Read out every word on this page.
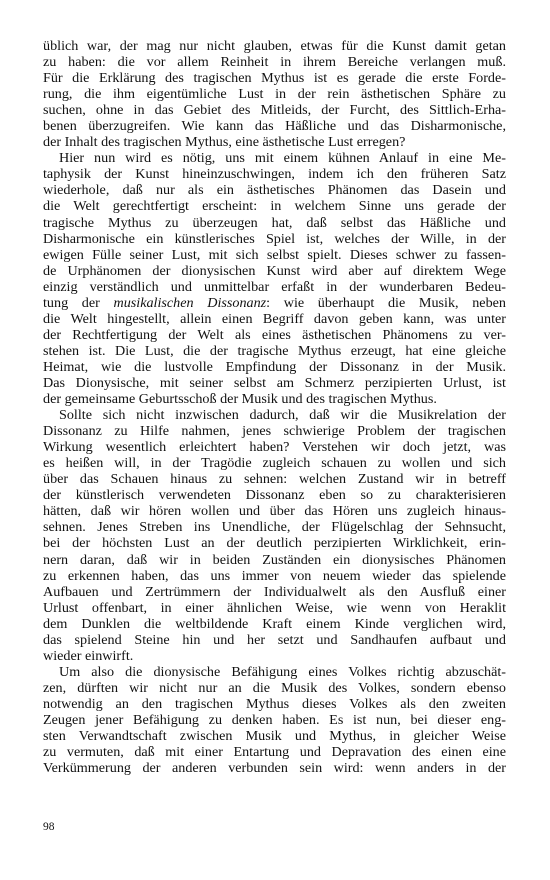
üblich war, der mag nur nicht glauben, etwas für die Kunst damit getan
zu haben: die vor allem Reinheit in ihrem Bereiche verlangen muß.
Für die Erklärung des tragischen Mythus ist es gerade die erste Forde-
rung, die ihm eigentümliche Lust in der rein ästhetischen Sphäre zu
suchen, ohne in das Gebiet des Mitleids, der Furcht, des Sittlich-Erha-
benen überzugreifen. Wie kann das Häßliche und das Disharmonische,
der Inhalt des tragischen Mythus, eine ästhetische Lust erregen?
Hier nun wird es nötig, uns mit einem kühnen Anlauf in eine Me-
taphysik der Kunst hineinzuschwingen, indem ich den früheren Satz
wiederhole, daß nur als ein ästhetisches Phänomen das Dasein und
die Welt gerechtfertigt erscheint: in welchem Sinne uns gerade der
tragische Mythus zu überzeugen hat, daß selbst das Häßliche und
Disharmonische ein künstlerisches Spiel ist, welches der Wille, in der
ewigen Fülle seiner Lust, mit sich selbst spielt. Dieses schwer zu fassen-
de Urphänomen der dionysischen Kunst wird aber auf direktem Wege
einzig verständlich und unmittelbar erfaßt in der wunderbaren Bedeu-
tung der musikalischen Dissonanz: wie überhaupt die Musik, neben
die Welt hingestellt, allein einen Begriff davon geben kann, was unter
der Rechtfertigung der Welt als eines ästhetischen Phänomens zu ver-
stehen ist. Die Lust, die der tragische Mythus erzeugt, hat eine gleiche
Heimat, wie die lustvolle Empfindung der Dissonanz in der Musik.
Das Dionysische, mit seiner selbst am Schmerz perzipierten Urlust, ist
der gemeinsame Geburtsschoß der Musik und des tragischen Mythus.
Sollte sich nicht inzwischen dadurch, daß wir die Musikrelation der
Dissonanz zu Hilfe nahmen, jenes schwierige Problem der tragischen
Wirkung wesentlich erleichtert haben? Verstehen wir doch jetzt, was
es heißen will, in der Tragödie zugleich schauen zu wollen und sich
über das Schauen hinaus zu sehnen: welchen Zustand wir in betreff
der künstlerisch verwendeten Dissonanz eben so zu charakterisieren
hätten, daß wir hören wollen und über das Hören uns zugleich hinaus-
sehnen. Jenes Streben ins Unendliche, der Flügelschlag der Sehnsucht,
bei der höchsten Lust an der deutlich perzipierten Wirklichkeit, erin-
nern daran, daß wir in beiden Zuständen ein dionysisches Phänomen
zu erkennen haben, das uns immer von neuem wieder das spielende
Aufbauen und Zertrümmern der Individualwelt als den Ausfluß einer
Urlust offenbart, in einer ähnlichen Weise, wie wenn von Heraklit
dem Dunklen die weltbildende Kraft einem Kinde verglichen wird,
das spielend Steine hin und her setzt und Sandhaufen aufbaut und
wieder einwirft.
Um also die dionysische Befähigung eines Volkes richtig abzuschät-
zen, dürften wir nicht nur an die Musik des Volkes, sondern ebenso
notwendig an den tragischen Mythus dieses Volkes als den zweiten
Zeugen jener Befähigung zu denken haben. Es ist nun, bei dieser eng-
sten Verwandtschaft zwischen Musik und Mythus, in gleicher Weise
zu vermuten, daß mit einer Entartung und Depravation des einen eine
Verkümmerung der anderen verbunden sein wird: wenn anders in der
98
